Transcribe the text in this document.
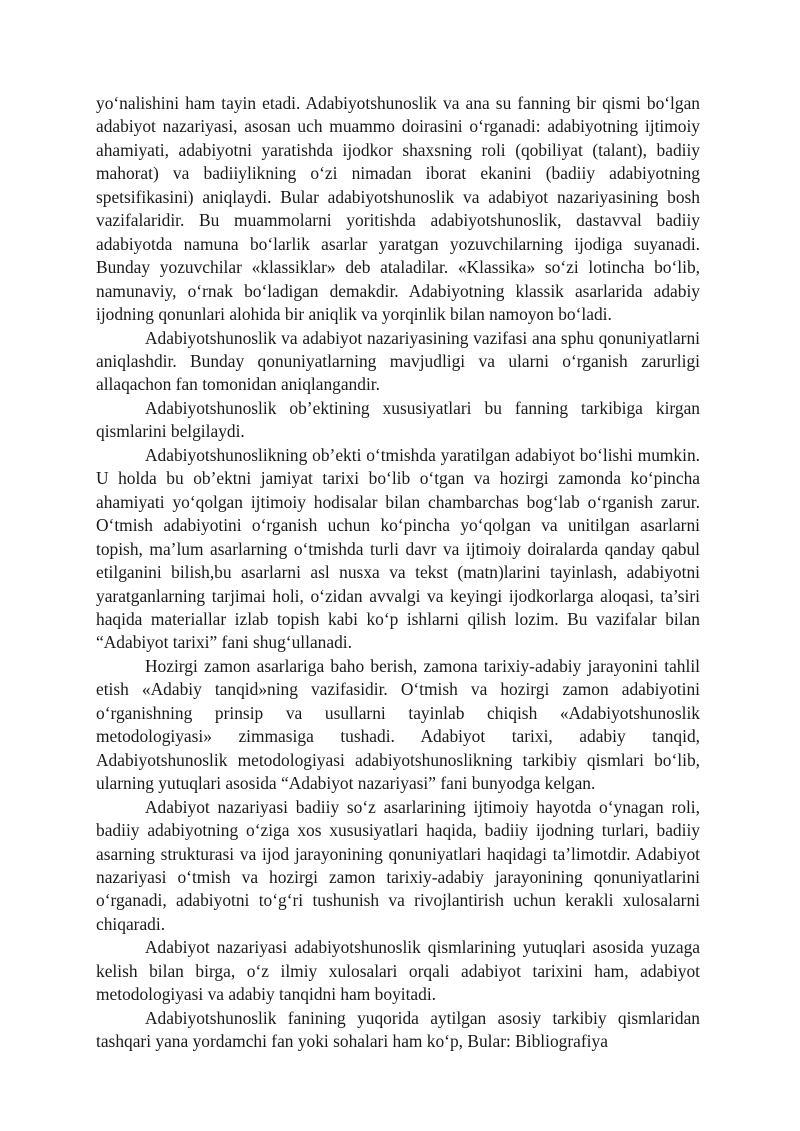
yo‘nalishini ham tayin etadi. Adabiyotshunoslik va ana su fanning bir qismi bo‘lgan adabiyot nazariyasi, asosan uch muammo doirasini o‘rganadi: adabiyotning ijtimoiy ahamiyati, adabiyotni yaratishda ijodkor shaxsning roli (qobiliyat (talant), badiiy mahorat) va badiiylikning o‘zi nimadan iborat ekanini (badiiy adabiyotning spetsifikasini) aniqlaydi. Bular adabiyotshunoslik va adabiyot nazariyasining bosh vazifalaridir. Bu muammolarni yoritishda adabiyotshunoslik, dastavval badiiy adabiyotda namuna bo‘larlik asarlar yaratgan yozuvchilarning ijodiga suyanadi. Bunday yozuvchilar «klassiklar» deb ataladilar. «Klassika» so‘zi lotincha bo‘lib, namunaviy, o‘rnak bo‘ladigan demakdir. Adabiyotning klassik asarlarida adabiy ijodning qonunlari alohida bir aniqlik va yorqinlik bilan namoyon bo‘ladi.

Adabiyotshunoslik va adabiyot nazariyasining vazifasi ana sphu qonuniyatlarni aniqlashdir. Bunday qonuniyatlarning mavjudligi va ularni o‘rganish zarurligi allaqachon fan tomonidan aniqlangandir.

Adabiyotshunoslik ob’ektining xususiyatlari bu fanning tarkibiga kirgan qismlarini belgilaydi.

Adabiyotshunoslikning ob’ekti o‘tmishda yaratilgan adabiyot bo‘lishi mumkin. U holda bu ob’ektni jamiyat tarixi bo‘lib o‘tgan va hozirgi zamonda ko‘pincha ahamiyati yo‘qolgan ijtimoiy hodisalar bilan chambarchas bog‘lab o‘rganish zarur. O‘tmish adabiyotini o‘rganish uchun ko‘pincha yo‘qolgan va unitilgan asarlarni topish, ma’lum asarlarning o‘tmishda turli davr va ijtimoiy doiralarda qanday qabul etilganini bilish,bu asarlarni asl nusxa va tekst (matn)larini tayinlash, adabiyotni yaratganlarning tarjimai holi, o‘zidan avvalgi va keyingi ijodkorlarga aloqasi, ta’siri haqida materiallar izlab topish kabi ko‘p ishlarni qilish lozim. Bu vazifalar bilan “Adabiyot tarixi” fani shug‘ullanadi.

Hozirgi zamon asarlariga baho berish, zamona tarixiy-adabiy jarayonini tahlil etish «Adabiy tanqid»ning vazifasidir. O‘tmish va hozirgi zamon adabiyotini o‘rganishning prinsip va usullarni tayinlab chiqish «Adabiyotshunoslik metodologiyasi» zimmasiga tushadi. Adabiyot tarixi, adabiy tanqid, Adabiyotshunoslik metodologiyasi adabiyotshunoslikning tarkibiy qismlari bo‘lib, ularning yutuqlari asosida “Adabiyot nazariyasi” fani bunyodga kelgan.

Adabiyot nazariyasi badiiy so‘z asarlarining ijtimoiy hayotda o‘ynagan roli, badiiy adabiyotning o‘ziga xos xususiyatlari haqida, badiiy ijodning turlari, badiiy asarning strukturasi va ijod jarayonining qonuniyatlari haqidagi ta’limotdir. Adabiyot nazariyasi o‘tmish va hozirgi zamon tarixiy-adabiy jarayonining qonuniyatlarini o‘rganadi, adabiyotni to‘g‘ri tushunish va rivojlantirish uchun kerakli xulosalarni chiqaradi.

Adabiyot nazariyasi adabiyotshunoslik qismlarining yutuqlari asosida yuzaga kelish bilan birga, o‘z ilmiy xulosalari orqali adabiyot tarixini ham, adabiyot metodologiyasi va adabiy tanqidni ham boyitadi.

Adabiyotshunoslik fanining yuqorida aytilgan asosiy tarkibiy qismlaridan tashqari yana yordamchi fan yoki sohalari ham ko‘p, Bular: Bibliografiya
